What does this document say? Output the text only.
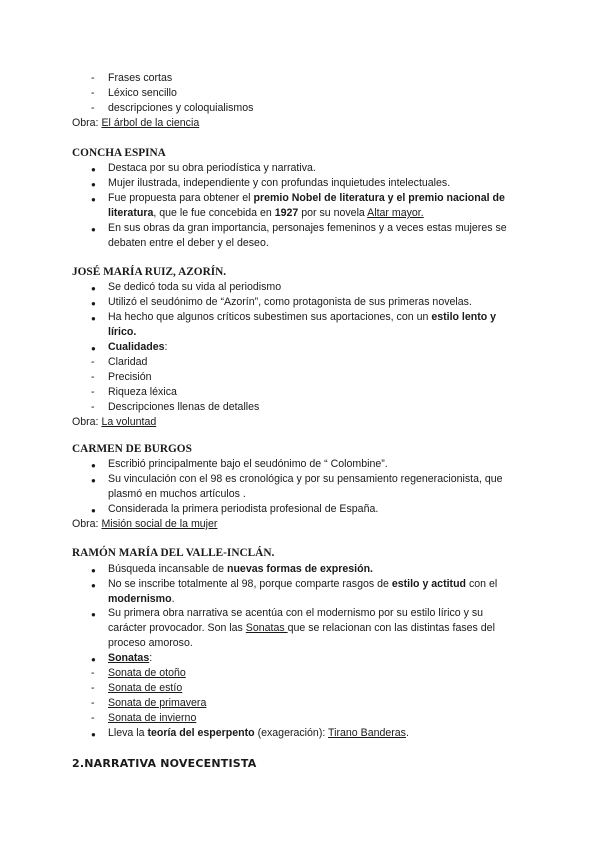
- Frases cortas
- Léxico sencillo
- descripciones y coloquialismos
Obra: El árbol de la ciencia
CONCHA ESPINA
● Destaca por su obra periodística y narrativa.
● Mujer ilustrada, independiente y con profundas inquietudes intelectuales.
● Fue propuesta para obtener el premio Nobel de literatura y el premio nacional de
literatura, que le fue concebida en 1927 por su novela Altar mayor.
● En sus obras da gran importancia, personajes femeninos y a veces estas mujeres se
debaten entre el deber y el deseo.
JOSÉ MARÍA RUIZ, AZORÍN.
● Se dedicó toda su vida al periodismo
● Utilizó el seudónimo de “Azorín”, como protagonista de sus primeras novelas.
● Ha hecho que algunos críticos subestimen sus aportaciones, con un estilo lento y
lírico.
● Cualidades:
- Claridad
- Precisión
- Riqueza léxica
- Descripciones llenas de detalles
Obra: La voluntad
CARMEN DE BURGOS
● Escribió principalmente bajo el seudónimo de “ Colombine”.
● Su vinculación con el 98 es cronológica y por su pensamiento regeneracionista, que
plasmó en muchos artículos .
● Considerada la primera periodista profesional de España.
Obra: Misión social de la mujer
RAMÓN MARÍA DEL VALLE-INCLÁN.
● Búsqueda incansable de nuevas formas de expresión.
● No se inscribe totalmente al 98, porque comparte rasgos de estilo y actitud con el
modernismo.
● Su primera obra narrativa se acentúa con el modernismo por su estilo lírico y su
carácter provocador. Son las Sonatas que se relacionan con las distintas fases del
proceso amoroso.
● Sonatas:
- Sonata de otoño
- Sonata de estío
- Sonata de primavera
- Sonata de invierno
● Lleva la teoría del esperpento (exageración): Tirano Banderas.
2.NARRATIVA NOVECENTISTA
